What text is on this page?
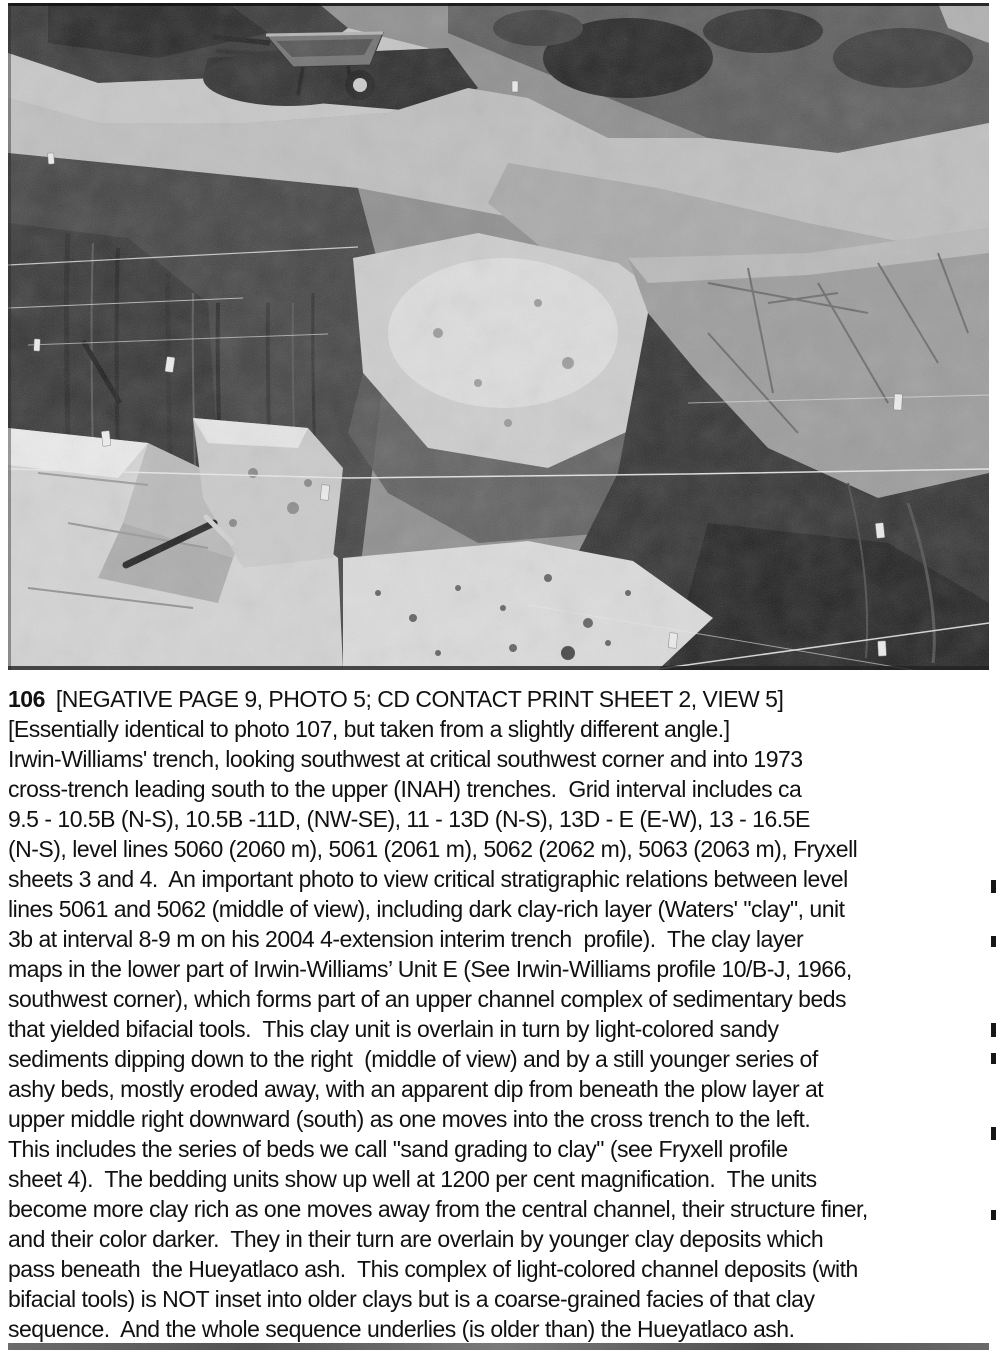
106 [NEGATIVE PAGE 9, PHOTO 5; CD CONTACT PRINT SHEET 2, VIEW 5]
[Essentially identical to photo 107, but taken from a slightly different angle.]
Irwin-Williams' trench, looking southwest at critical southwest corner and into 1973
cross-trench leading south to the upper (INAH) trenches.  Grid interval includes ca
9.5 - 10.5B (N-S), 10.5B -11D, (NW-SE), 11 - 13D (N-S), 13D - E (E-W), 13 - 16.5E
(N-S), level lines 5060 (2060 m), 5061 (2061 m), 5062 (2062 m), 5063 (2063 m), Fryxell
sheets 3 and 4.  An important photo to view critical stratigraphic relations between level
lines 5061 and 5062 (middle of view), including dark clay-rich layer (Waters' "clay", unit
3b at interval 8-9 m on his 2004 4-extension interim trench  profile).  The clay layer
maps in the lower part of Irwin-Williams’ Unit E (See Irwin-Williams profile 10/B-J, 1966,
southwest corner), which forms part of an upper channel complex of sedimentary beds
that yielded bifacial tools.  This clay unit is overlain in turn by light-colored sandy
sediments dipping down to the right  (middle of view) and by a still younger series of
ashy beds, mostly eroded away, with an apparent dip from beneath the plow layer at
upper middle right downward (south) as one moves into the cross trench to the left.
This includes the series of beds we call "sand grading to clay" (see Fryxell profile
sheet 4).  The bedding units show up well at 1200 per cent magnification.  The units
become more clay rich as one moves away from the central channel, their structure finer,
and their color darker.  They in their turn are overlain by younger clay deposits which
pass beneath  the Hueyatlaco ash.  This complex of light-colored channel deposits (with
bifacial tools) is NOT inset into older clays but is a coarse-grained facies of that clay
sequence.  And the whole sequence underlies (is older than) the Hueyatlaco ash.
